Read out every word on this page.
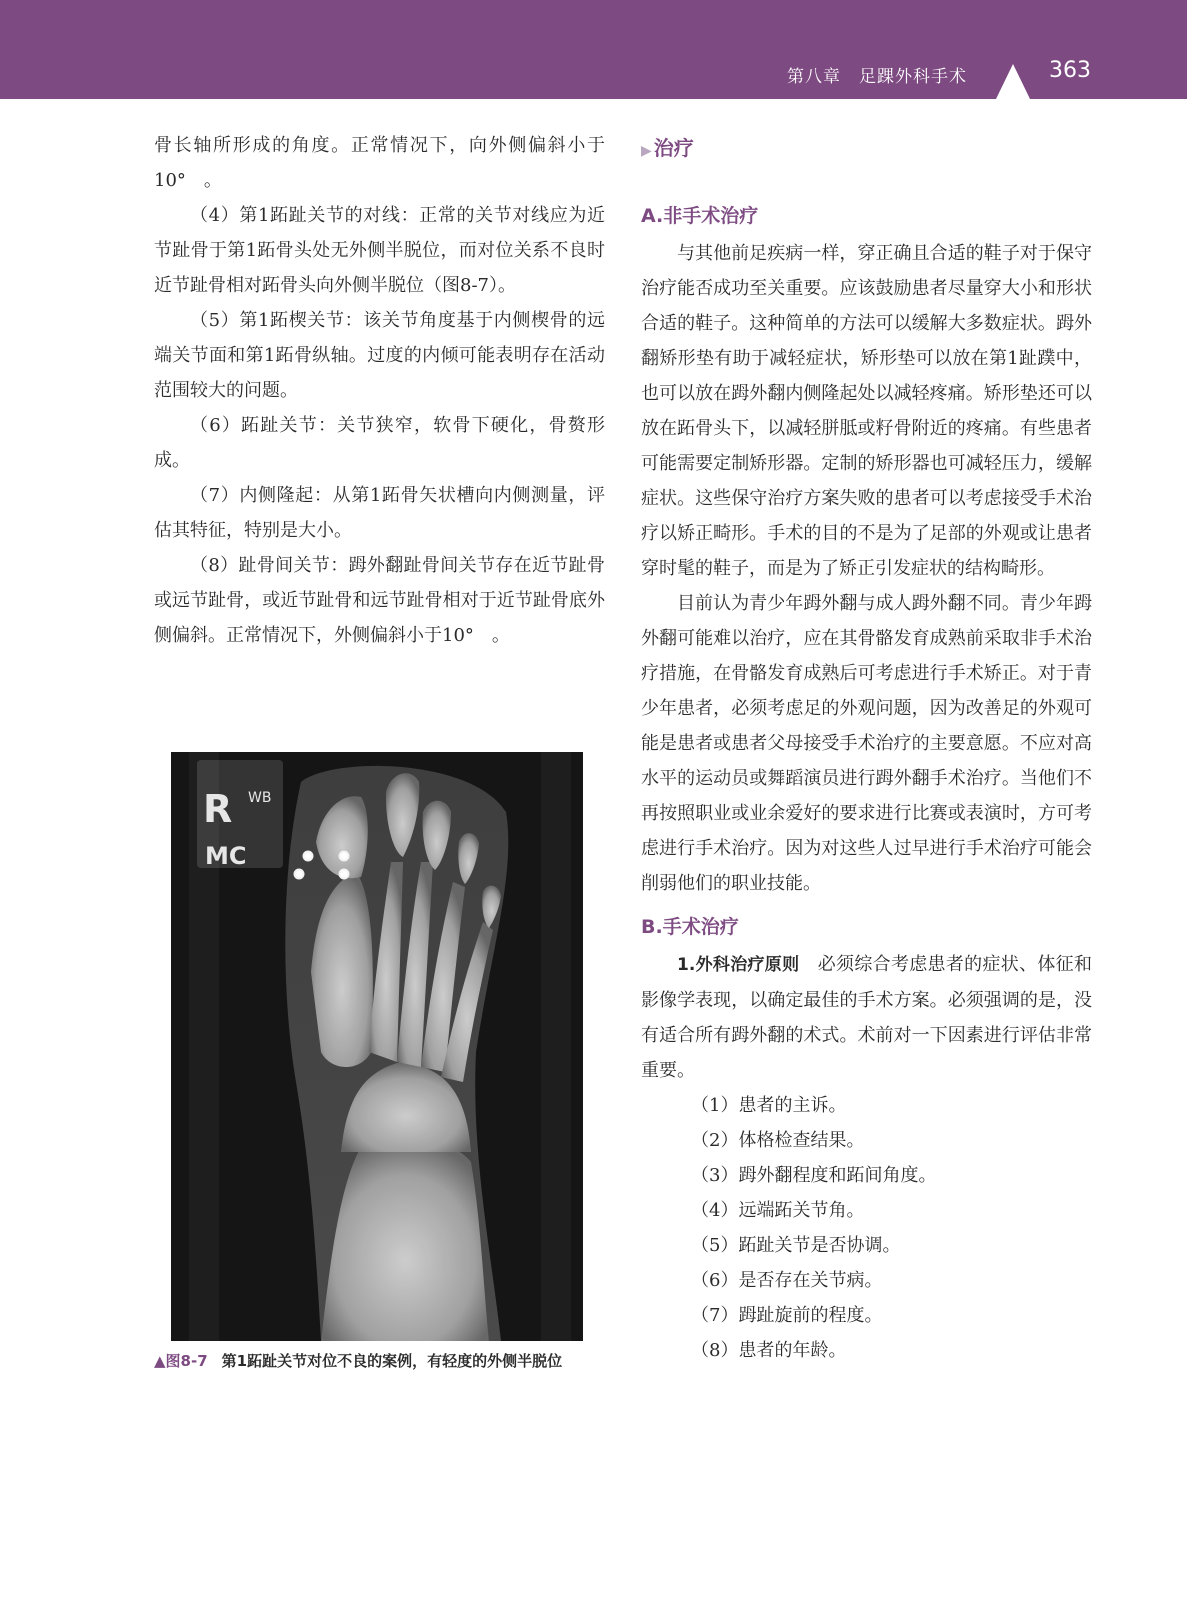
第八章　足踝外科手术	363

骨长轴所形成的角度。正常情况下，向外侧偏斜小于10°　。

（4）第1跖趾关节的对线：正常的关节对线应为近节趾骨于第1跖骨头处无外侧半脱位，而对位关系不良时近节趾骨相对跖骨头向外侧半脱位（图8-7）。

（5）第1跖楔关节：该关节角度基于内侧楔骨的远端关节面和第1跖骨纵轴。过度的内倾可能表明存在活动范围较大的问题。

（6）跖趾关节：关节狭窄，软骨下硬化，骨赘形成。

（7）内侧隆起：从第1跖骨矢状槽向内侧测量，评估其特征，特别是大小。

（8）趾骨间关节：𧿹外翻趾骨间关节存在近节趾骨或远节趾骨，或近节趾骨和远节趾骨相对于近节趾骨底外侧偏斜。正常情况下，外侧偏斜小于10°　。

R WB
MC
▲图8-7 第1跖趾关节对位不良的案例，有轻度的外侧半脱位
▶ 治疗
A.非手术治疗

与其他前足疾病一样，穿正确且合适的鞋子对于保守治疗能否成功至关重要。应该鼓励患者尽量穿大小和形状合适的鞋子。这种简单的方法可以缓解大多数症状。𧿹外翻矫形垫有助于减轻症状，矫形垫可以放在第1趾蹼中，也可以放在𧿹外翻内侧隆起处以减轻疼痛。矫形垫还可以放在跖骨头下，以减轻胼胝或籽骨附近的疼痛。有些患者可能需要定制矫形器。定制的矫形器也可减轻压力，缓解症状。这些保守治疗方案失败的患者可以考虑接受手术治疗以矫正畸形。手术的目的不是为了足部的外观或让患者穿时髦的鞋子，而是为了矫正引发症状的结构畸形。

目前认为青少年𧿹外翻与成人𧿹外翻不同。青少年𧿹外翻可能难以治疗，应在其骨骼发育成熟前采取非手术治疗措施，在骨骼发育成熟后可考虑进行手术矫正。对于青少年患者，必须考虑足的外观问题，因为改善足的外观可能是患者或患者父母接受手术治疗的主要意愿。不应对高水平的运动员或舞蹈演员进行𧿹外翻手术治疗。当他们不再按照职业或业余爱好的要求进行比赛或表演时，方可考虑进行手术治疗。因为对这些人过早进行手术治疗可能会削弱他们的职业技能。

B.手术治疗

1.外科治疗原则　必须综合考虑患者的症状、体征和影像学表现，以确定最佳的手术方案。必须强调的是，没有适合所有𧿹外翻的术式。术前对一下因素进行评估非常重要。

（1）患者的主诉。
（2）体格检查结果。
（3）𧿹外翻程度和跖间角度。
（4）远端跖关节角。
（5）跖趾关节是否协调。
（6）是否存在关节病。
（7）𧿹趾旋前的程度。
（8）患者的年龄。
